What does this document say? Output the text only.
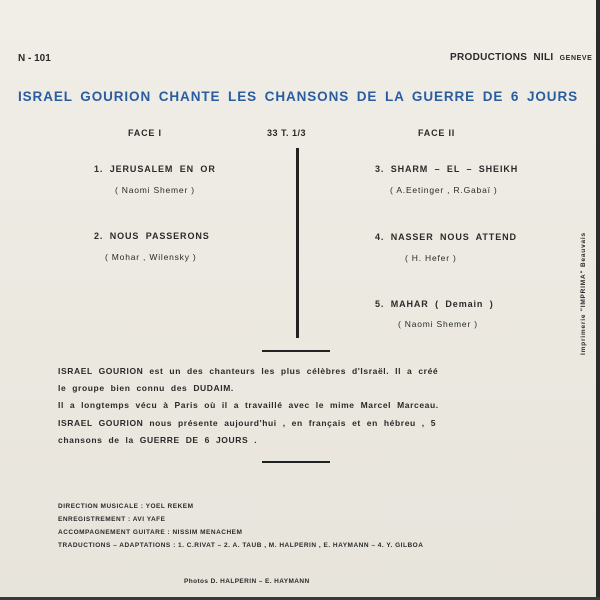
N - 101	PRODUCTIONS NILI GENEVE
ISRAEL GOURION CHANTE LES CHANSONS DE LA GUERRE DE 6 JOURS
FACE I	33 T. 1/3	FACE II
1. JERUSALEM EN OR
( Naomi Shemer )
2. NOUS PASSERONS
( Mohar , Wilensky )
3. SHARM – EL – SHEIKH
( A.Eetinger , R.Gabaï )
4. NASSER NOUS ATTEND
( H. Hefer )
5. MAHAR ( Demain )
( Naomi Shemer )
ISRAEL GOURION est un des chanteurs les plus célèbres d'Israël. Il a créé
le groupe bien connu des DUDAIM.
Il a longtemps vécu à Paris où il a travaillé avec le mime Marcel Marceau.
ISRAEL GOURION nous présente aujourd'hui , en français et en hébreu , 5
chansons de la GUERRE DE 6 JOURS .
DIRECTION MUSICALE : YOEL REKEM
ENREGISTREMENT : AVI YAFE
ACCOMPAGNEMENT GUITARE : NISSIM MENACHEM
TRADUCTIONS – ADAPTATIONS : 1. C.RIVAT – 2. A. TAUB , M. HALPERIN , E. HAYMANN – 4. Y. GILBOA
Photos D. HALPERIN – E. HAYMANN
Imprimerie "IMPRIMA" Beauvais
